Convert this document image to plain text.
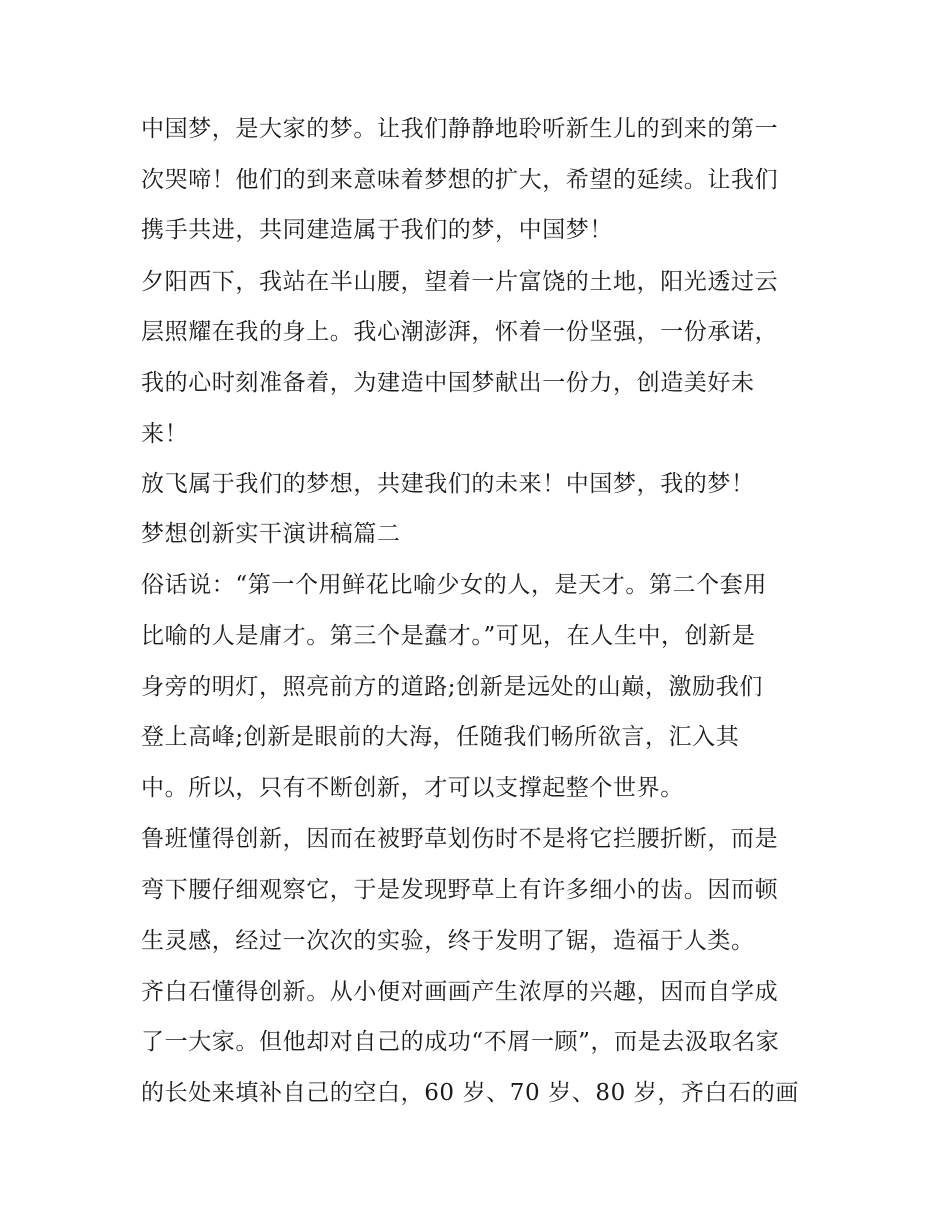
中国梦，是大家的梦。让我们静静地聆听新生儿的到来的第一
次哭啼！他们的到来意味着梦想的扩大，希望的延续。让我们
携手共进，共同建造属于我们的梦，中国梦！
夕阳西下，我站在半山腰，望着一片富饶的土地，阳光透过云
层照耀在我的身上。我心潮澎湃，怀着一份坚强，一份承诺，
我的心时刻准备着，为建造中国梦献出一份力，创造美好未
来！
放飞属于我们的梦想，共建我们的未来！中国梦，我的梦！
梦想创新实干演讲稿篇二
俗话说：“第一个用鲜花比喻少女的人，是天才。第二个套用
比喻的人是庸才。第三个是蠢才。”可见，在人生中，创新是
身旁的明灯，照亮前方的道路;创新是远处的山巅，激励我们
登上高峰;创新是眼前的大海，任随我们畅所欲言，汇入其
中。所以，只有不断创新，才可以支撑起整个世界。
鲁班懂得创新，因而在被野草划伤时不是将它拦腰折断，而是
弯下腰仔细观察它，于是发现野草上有许多细小的齿。因而顿
生灵感，经过一次次的实验，终于发明了锯，造福于人类。
齐白石懂得创新。从小便对画画产生浓厚的兴趣，因而自学成
了一大家。但他却对自己的成功“不屑一顾”，而是去汲取名家
的长处来填补自己的空白，60 岁、70 岁、80 岁，齐白石的画
